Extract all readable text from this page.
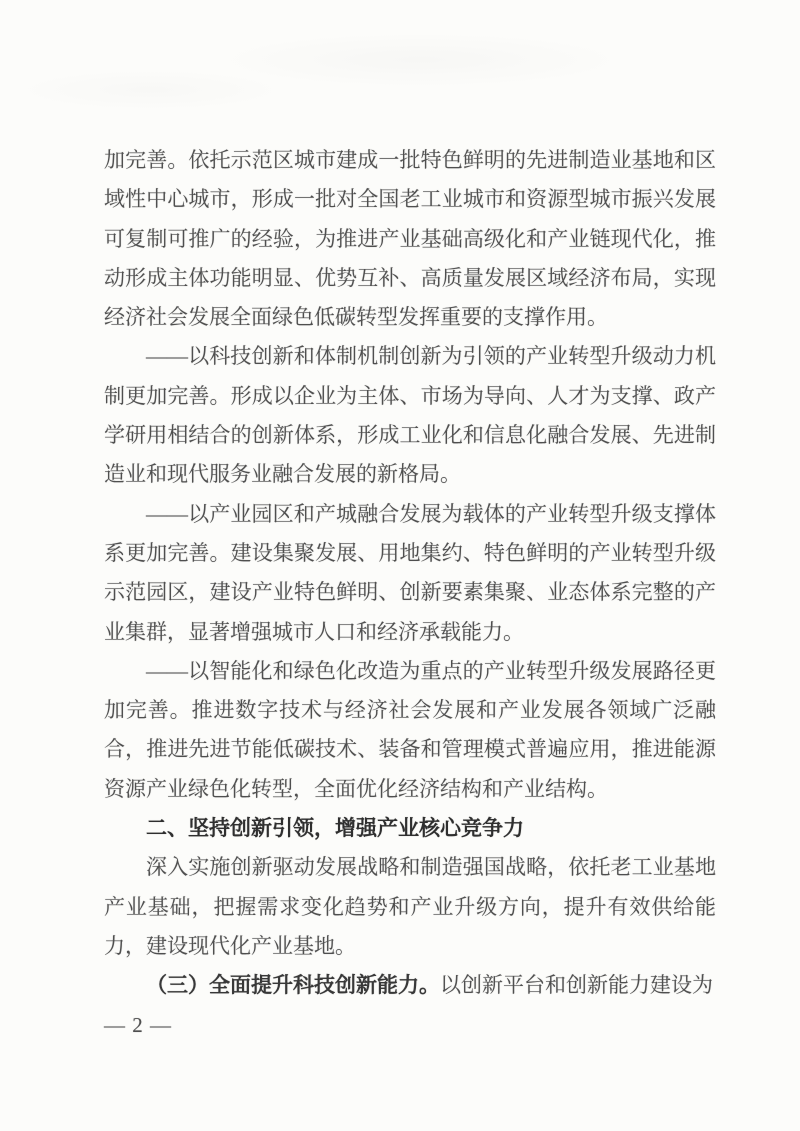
加完善。依托示范区城市建成一批特色鲜明的先进制造业基地和区域性中心城市，形成一批对全国老工业城市和资源型城市振兴发展可复制可推广的经验，为推进产业基础高级化和产业链现代化，推动形成主体功能明显、优势互补、高质量发展区域经济布局，实现经济社会发展全面绿色低碳转型发挥重要的支撑作用。

——以科技创新和体制机制创新为引领的产业转型升级动力机制更加完善。形成以企业为主体、市场为导向、人才为支撑、政产学研用相结合的创新体系，形成工业化和信息化融合发展、先进制造业和现代服务业融合发展的新格局。

——以产业园区和产城融合发展为载体的产业转型升级支撑体系更加完善。建设集聚发展、用地集约、特色鲜明的产业转型升级示范园区，建设产业特色鲜明、创新要素集聚、业态体系完整的产业集群，显著增强城市人口和经济承载能力。

——以智能化和绿色化改造为重点的产业转型升级发展路径更加完善。推进数字技术与经济社会发展和产业发展各领域广泛融合，推进先进节能低碳技术、装备和管理模式普遍应用，推进能源资源产业绿色化转型，全面优化经济结构和产业结构。

二、坚持创新引领，增强产业核心竞争力

深入实施创新驱动发展战略和制造强国战略，依托老工业基地产业基础，把握需求变化趋势和产业升级方向，提升有效供给能力，建设现代化产业基地。

（三）全面提升科技创新能力。以创新平台和创新能力建设为

— 2 —
